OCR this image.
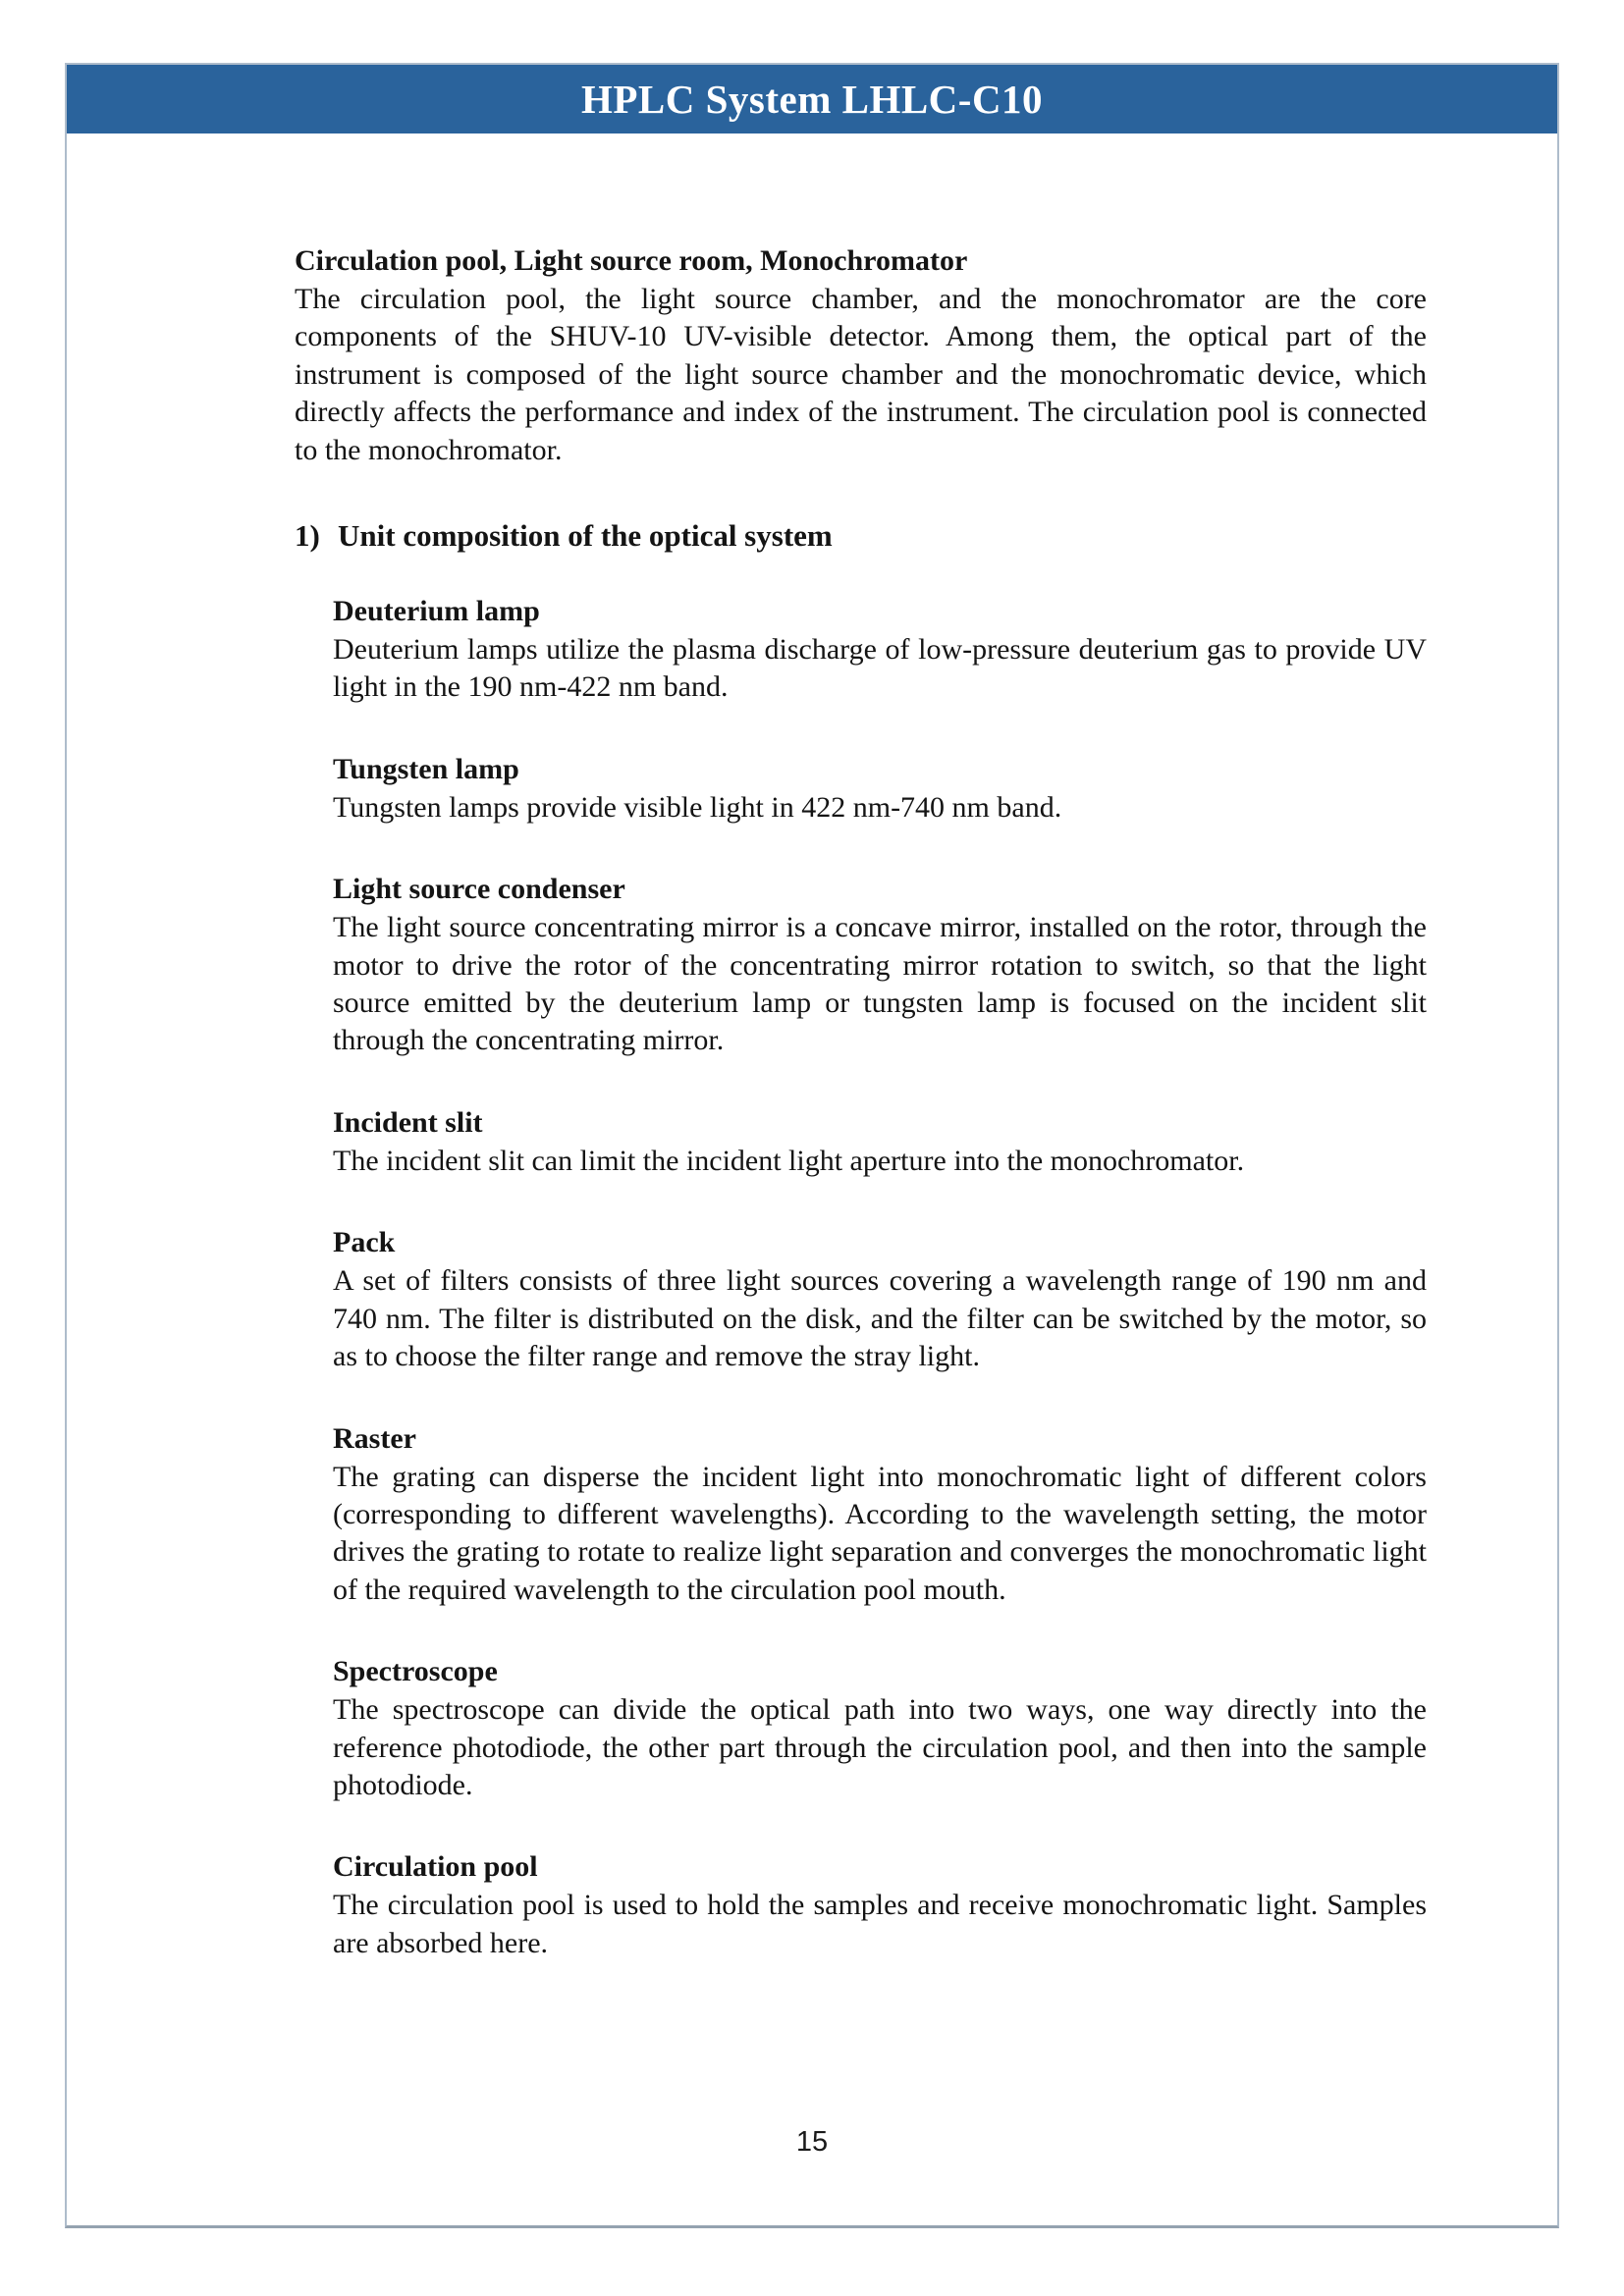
HPLC System LHLC-C10
Circulation pool, Light source room, Monochromator

The circulation pool, the light source chamber, and the monochromator are the core components of the SHUV-10 UV-visible detector. Among them, the optical part of the instrument is composed of the light source chamber and the monochromatic device, which directly affects the performance and index of the instrument. The circulation pool is connected to the monochromator.

1) Unit composition of the optical system
Deuterium lamp

Deuterium lamps utilize the plasma discharge of low-pressure deuterium gas to provide UV light in the 190 nm-422 nm band.

Tungsten lamp

Tungsten lamps provide visible light in 422 nm-740 nm band.

Light source condenser

The light source concentrating mirror is a concave mirror, installed on the rotor, through the motor to drive the rotor of the concentrating mirror rotation to switch, so that the light source emitted by the deuterium lamp or tungsten lamp is focused on the incident slit through the concentrating mirror.

Incident slit

The incident slit can limit the incident light aperture into the monochromator.

Pack

A set of filters consists of three light sources covering a wavelength range of 190 nm and 740 nm. The filter is distributed on the disk, and the filter can be switched by the motor, so as to choose the filter range and remove the stray light.

Raster

The grating can disperse the incident light into monochromatic light of different colors (corresponding to different wavelengths). According to the wavelength setting, the motor drives the grating to rotate to realize light separation and converges the monochromatic light of the required wavelength to the circulation pool mouth.

Spectroscope

The spectroscope can divide the optical path into two ways, one way directly into the reference photodiode, the other part through the circulation pool, and then into the sample photodiode.

Circulation pool

The circulation pool is used to hold the samples and receive monochromatic light. Samples are absorbed here.

15
